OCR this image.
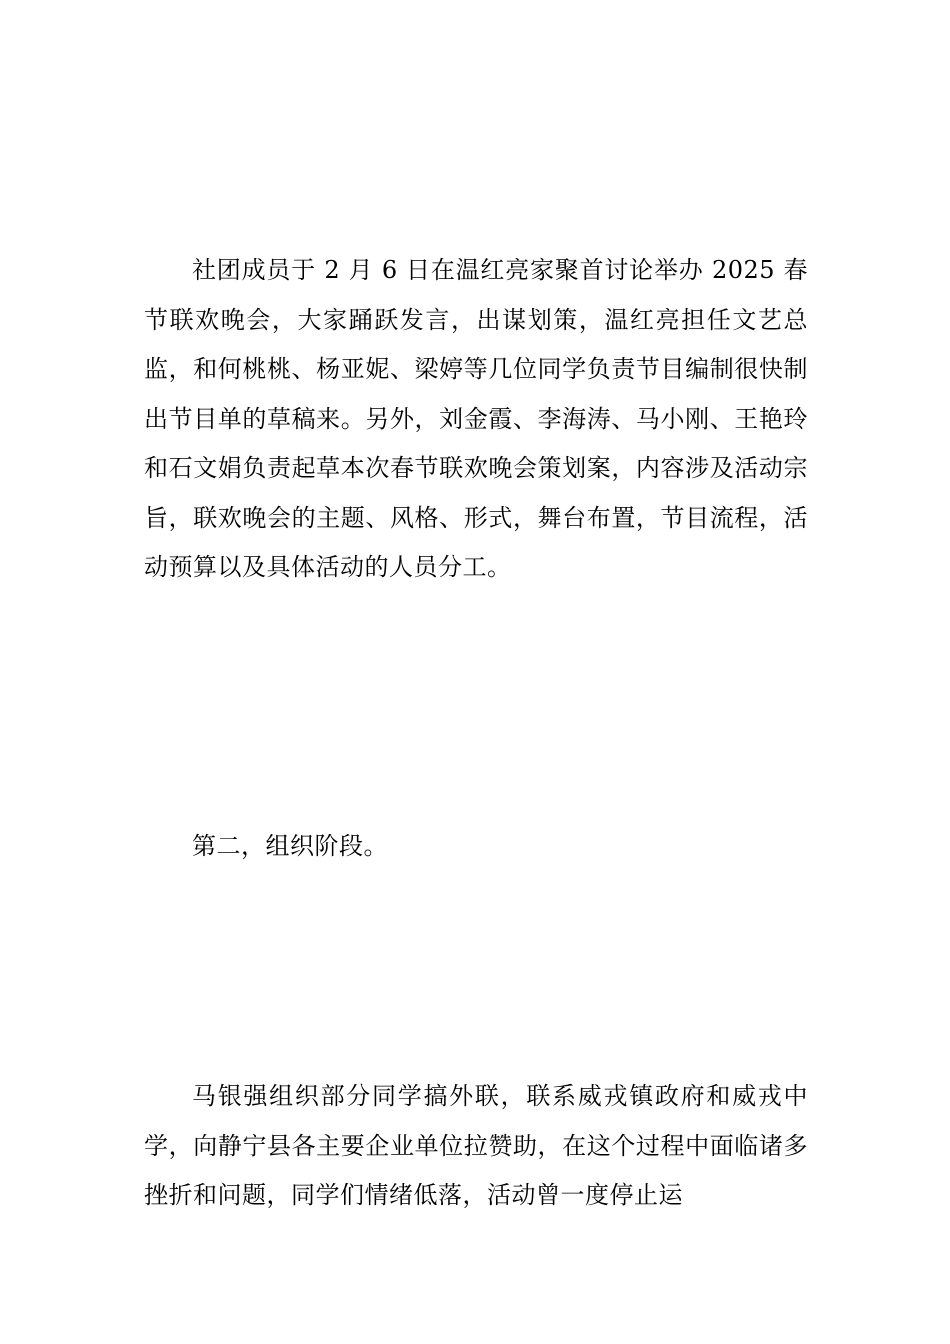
社团成员于 2 月 6 日在温红亮家聚首讨论举办 2025 春节联欢晚会，大家踊跃发言，出谋划策，温红亮担任文艺总监，和何桃桃、杨亚妮、梁婷等几位同学负责节目编制很快制出节目单的草稿来。另外，刘金霞、李海涛、马小刚、王艳玲和石文娟负责起草本次春节联欢晚会策划案，内容涉及活动宗旨，联欢晚会的主题、风格、形式，舞台布置，节目流程，活动预算以及具体活动的人员分工。

第二，组织阶段。

马银强组织部分同学搞外联，联系威戎镇政府和威戎中学，向静宁县各主要企业单位拉赞助，在这个过程中面临诸多挫折和问题，同学们情绪低落，活动曾一度停止运
